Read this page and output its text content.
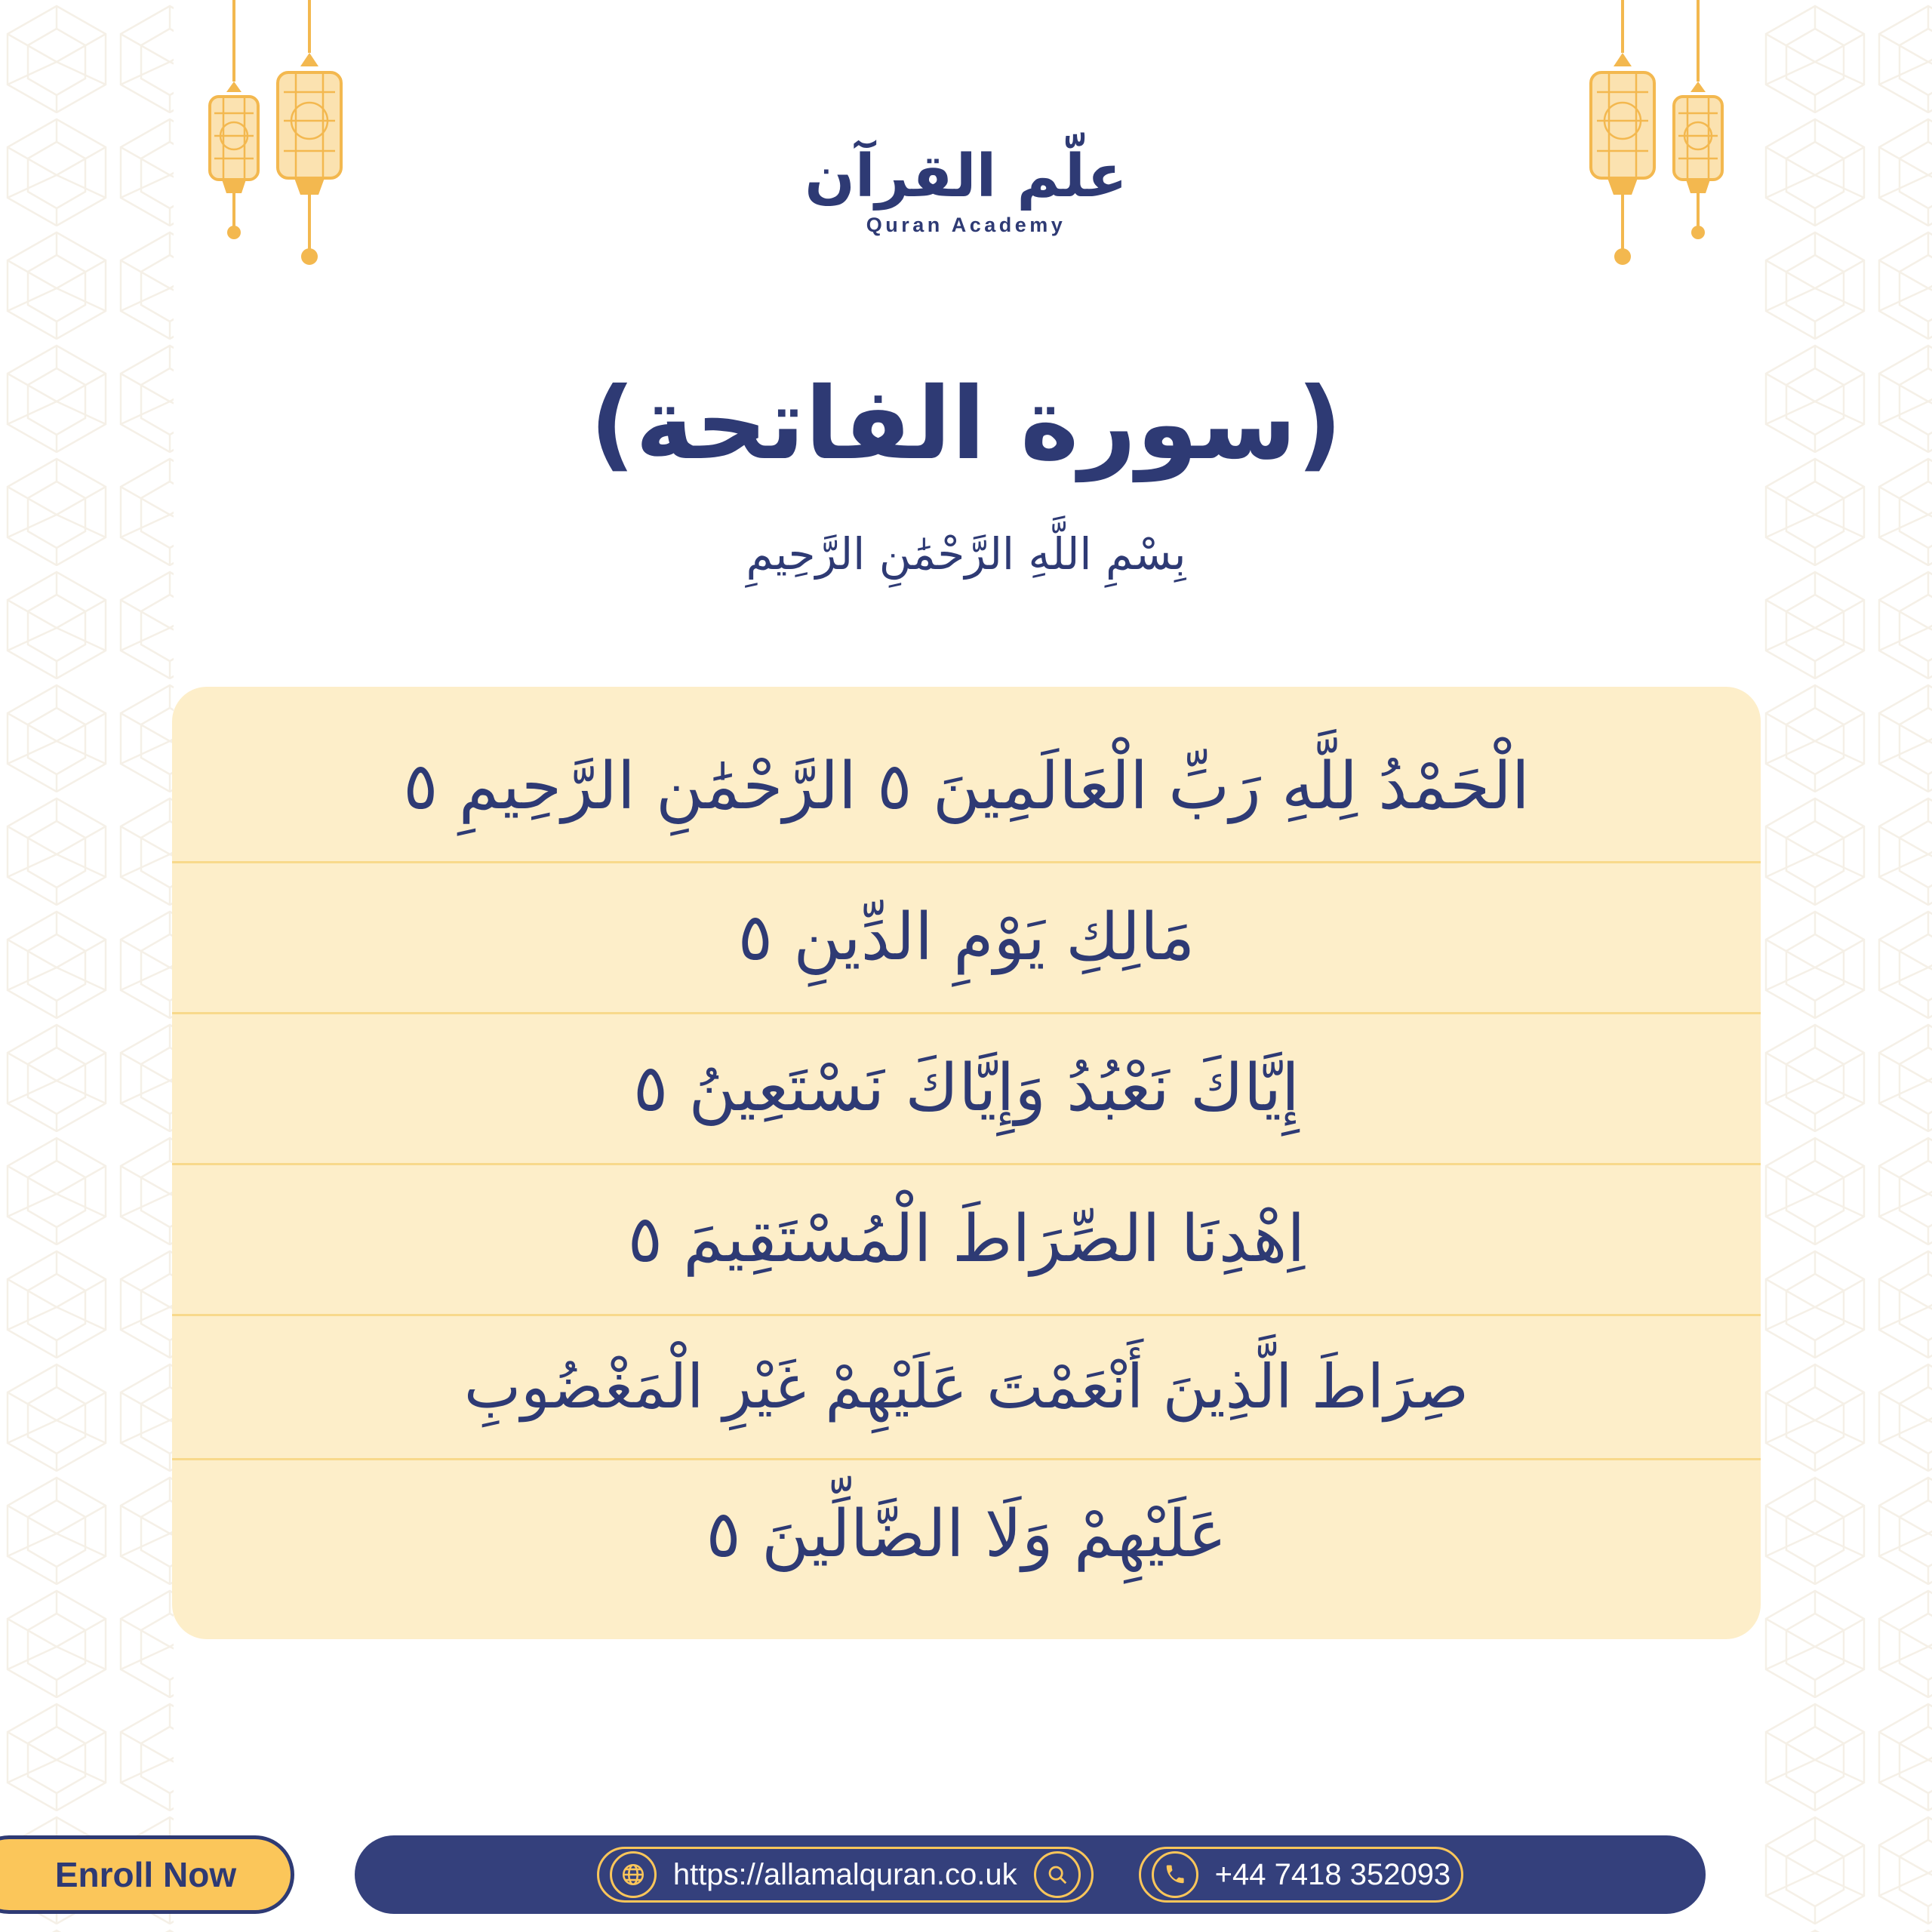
علّم القرآن
Quran Academy
(سورة الفاتحة)
بِسْمِ اللَّهِ الرَّحْمَٰنِ الرَّحِيمِ
الْحَمْدُ لِلَّهِ رَبِّ الْعَالَمِينَ ٥ الرَّحْمَٰنِ الرَّحِيمِ ٥
مَالِكِ يَوْمِ الدِّينِ ٥
إِيَّاكَ نَعْبُدُ وَإِيَّاكَ نَسْتَعِينُ ٥
اِهْدِنَا الصِّرَاطَ الْمُسْتَقِيمَ ٥
صِرَاطَ الَّذِينَ أَنْعَمْتَ عَلَيْهِمْ غَيْرِ الْمَغْضُوبِ
عَلَيْهِمْ وَلَا الضَّالِّينَ ٥
Enroll Now	https://allamalquran.co.uk	+44 7418 352093
